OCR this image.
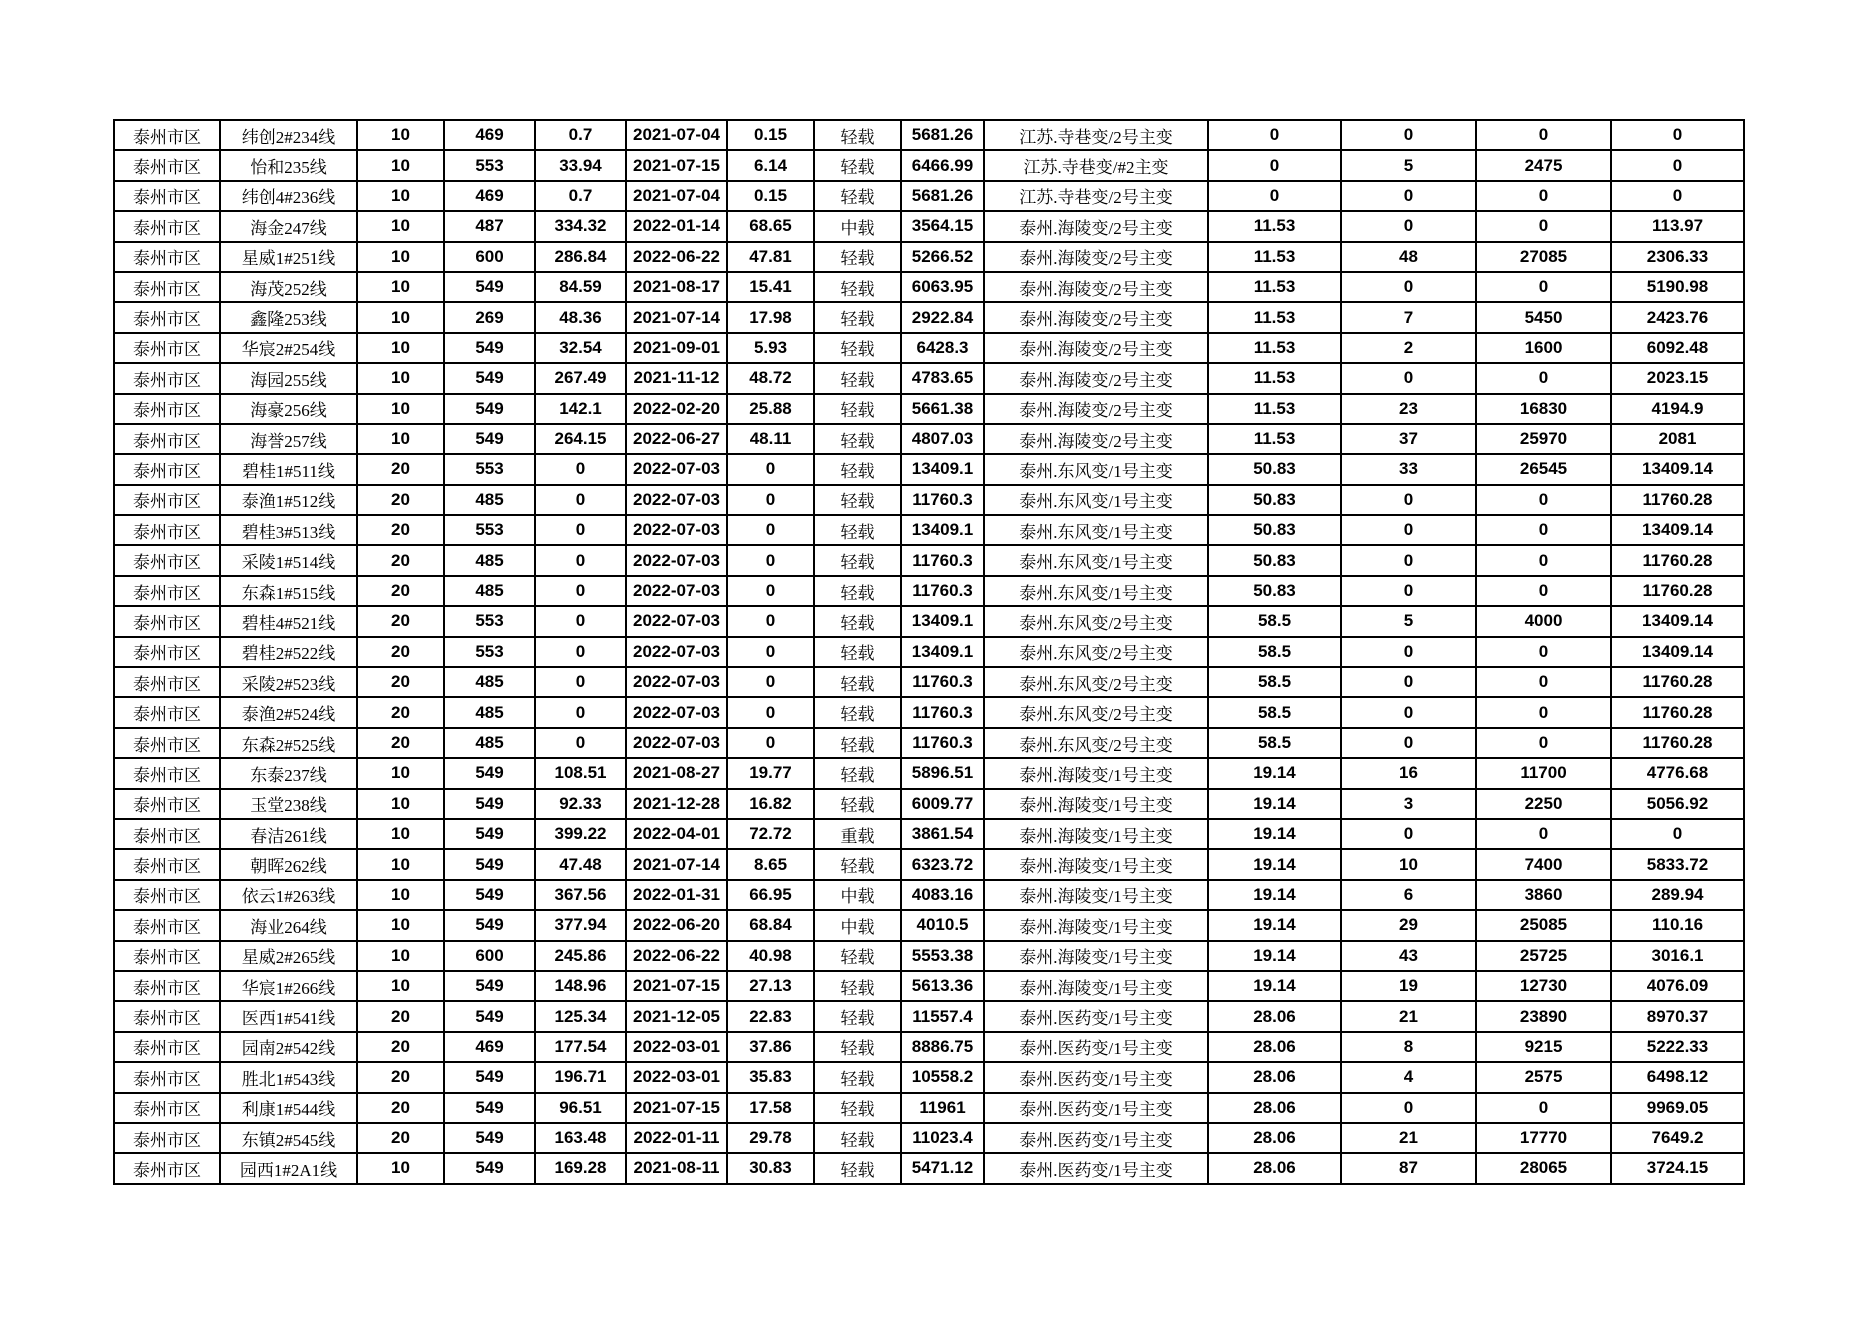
泰州市区	纬创2#234线	10	469	0.7	2021-07-04	0.15	轻载	5681.26	江苏.寺巷变/2号主变	0	0	0	0
泰州市区	怡和235线	10	553	33.94	2021-07-15	6.14	轻载	6466.99	江苏.寺巷变/#2主变	0	5	2475	0
泰州市区	纬创4#236线	10	469	0.7	2021-07-04	0.15	轻载	5681.26	江苏.寺巷变/2号主变	0	0	0	0
泰州市区	海金247线	10	487	334.32	2022-01-14	68.65	中载	3564.15	泰州.海陵变/2号主变	11.53	0	0	113.97
泰州市区	星威1#251线	10	600	286.84	2022-06-22	47.81	轻载	5266.52	泰州.海陵变/2号主变	11.53	48	27085	2306.33
泰州市区	海茂252线	10	549	84.59	2021-08-17	15.41	轻载	6063.95	泰州.海陵变/2号主变	11.53	0	0	5190.98
泰州市区	鑫隆253线	10	269	48.36	2021-07-14	17.98	轻载	2922.84	泰州.海陵变/2号主变	11.53	7	5450	2423.76
泰州市区	华宸2#254线	10	549	32.54	2021-09-01	5.93	轻载	6428.3	泰州.海陵变/2号主变	11.53	2	1600	6092.48
泰州市区	海园255线	10	549	267.49	2021-11-12	48.72	轻载	4783.65	泰州.海陵变/2号主变	11.53	0	0	2023.15
泰州市区	海豪256线	10	549	142.1	2022-02-20	25.88	轻载	5661.38	泰州.海陵变/2号主变	11.53	23	16830	4194.9
泰州市区	海誉257线	10	549	264.15	2022-06-27	48.11	轻载	4807.03	泰州.海陵变/2号主变	11.53	37	25970	2081
泰州市区	碧桂1#511线	20	553	0	2022-07-03	0	轻载	13409.1	泰州.东风变/1号主变	50.83	33	26545	13409.14
泰州市区	泰渔1#512线	20	485	0	2022-07-03	0	轻载	11760.3	泰州.东风变/1号主变	50.83	0	0	11760.28
泰州市区	碧桂3#513线	20	553	0	2022-07-03	0	轻载	13409.1	泰州.东风变/1号主变	50.83	0	0	13409.14
泰州市区	采陵1#514线	20	485	0	2022-07-03	0	轻载	11760.3	泰州.东风变/1号主变	50.83	0	0	11760.28
泰州市区	东森1#515线	20	485	0	2022-07-03	0	轻载	11760.3	泰州.东风变/1号主变	50.83	0	0	11760.28
泰州市区	碧桂4#521线	20	553	0	2022-07-03	0	轻载	13409.1	泰州.东风变/2号主变	58.5	5	4000	13409.14
泰州市区	碧桂2#522线	20	553	0	2022-07-03	0	轻载	13409.1	泰州.东风变/2号主变	58.5	0	0	13409.14
泰州市区	采陵2#523线	20	485	0	2022-07-03	0	轻载	11760.3	泰州.东风变/2号主变	58.5	0	0	11760.28
泰州市区	泰渔2#524线	20	485	0	2022-07-03	0	轻载	11760.3	泰州.东风变/2号主变	58.5	0	0	11760.28
泰州市区	东森2#525线	20	485	0	2022-07-03	0	轻载	11760.3	泰州.东风变/2号主变	58.5	0	0	11760.28
泰州市区	东泰237线	10	549	108.51	2021-08-27	19.77	轻载	5896.51	泰州.海陵变/1号主变	19.14	16	11700	4776.68
泰州市区	玉堂238线	10	549	92.33	2021-12-28	16.82	轻载	6009.77	泰州.海陵变/1号主变	19.14	3	2250	5056.92
泰州市区	春洁261线	10	549	399.22	2022-04-01	72.72	重载	3861.54	泰州.海陵变/1号主变	19.14	0	0	0
泰州市区	朝晖262线	10	549	47.48	2021-07-14	8.65	轻载	6323.72	泰州.海陵变/1号主变	19.14	10	7400	5833.72
泰州市区	依云1#263线	10	549	367.56	2022-01-31	66.95	中载	4083.16	泰州.海陵变/1号主变	19.14	6	3860	289.94
泰州市区	海业264线	10	549	377.94	2022-06-20	68.84	中载	4010.5	泰州.海陵变/1号主变	19.14	29	25085	110.16
泰州市区	星威2#265线	10	600	245.86	2022-06-22	40.98	轻载	5553.38	泰州.海陵变/1号主变	19.14	43	25725	3016.1
泰州市区	华宸1#266线	10	549	148.96	2021-07-15	27.13	轻载	5613.36	泰州.海陵变/1号主变	19.14	19	12730	4076.09
泰州市区	医西1#541线	20	549	125.34	2021-12-05	22.83	轻载	11557.4	泰州.医药变/1号主变	28.06	21	23890	8970.37
泰州市区	园南2#542线	20	469	177.54	2022-03-01	37.86	轻载	8886.75	泰州.医药变/1号主变	28.06	8	9215	5222.33
泰州市区	胜北1#543线	20	549	196.71	2022-03-01	35.83	轻载	10558.2	泰州.医药变/1号主变	28.06	4	2575	6498.12
泰州市区	利康1#544线	20	549	96.51	2021-07-15	17.58	轻载	11961	泰州.医药变/1号主变	28.06	0	0	9969.05
泰州市区	东镇2#545线	20	549	163.48	2022-01-11	29.78	轻载	11023.4	泰州.医药变/1号主变	28.06	21	17770	7649.2
泰州市区	园西1#2A1线	10	549	169.28	2021-08-11	30.83	轻载	5471.12	泰州.医药变/1号主变	28.06	87	28065	3724.15
